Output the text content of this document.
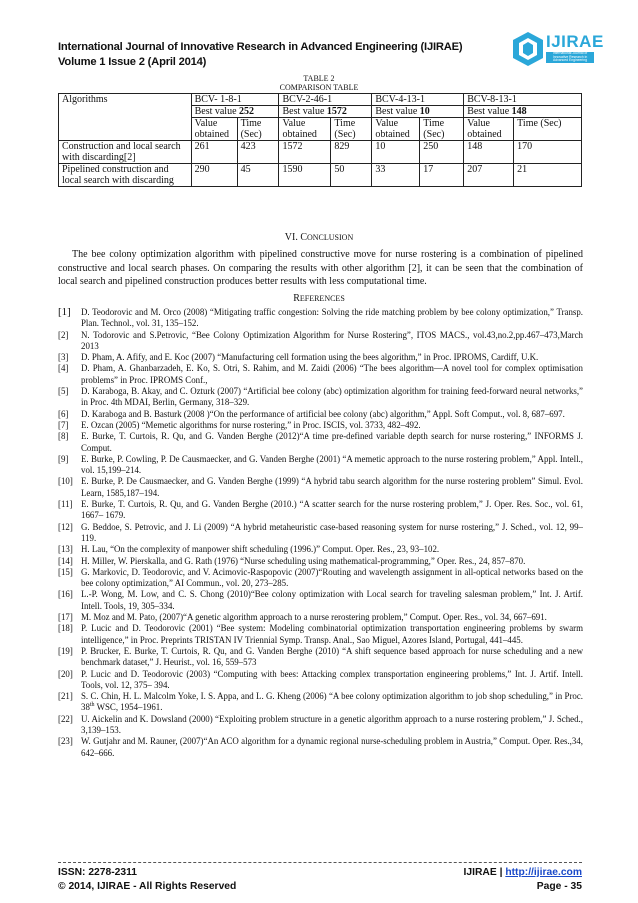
International Journal of Innovative Research in Advanced Engineering (IJIRAE)
Volume 1 Issue 2 (April 2014)
IJIRAE
International Journal of Innovative Research in Advanced Engineering
TABLE 2
COMPARISON TABLE
Algorithms	BCV- 1-8-1		BCV-2-46-1		BCV-4-13-1		BCV-8-13-1	
	Best value 252		Best value 1572		Best value 10		Best value 148	
	Value obtained	Time (Sec)	Value obtained	Time (Sec)	Value obtained	Time (Sec)	Value obtained	Time (Sec)
Construction and local search with discarding[2]	261	423	1572	829	10	250	148	170
Pipelined construction and local search with discarding	290	45	1590	50	33	17	207	21
VI. CONCLUSION
The bee colony optimization algorithm with pipelined constructive move for nurse rostering is a combination of pipelined constructive and local search phases. On comparing the results with other algorithm [2], it can be seen that the combination of local search and pipelined construction produces better results with less computational time.
REFERENCES
[1]	D. Teodorovic and M. Orco (2008) “Mitigating traffic congestion: Solving the ride matching problem by bee colony optimization,” Transp. Plan. Technol., vol. 31, 135–152.
[2]	N. Todorovic and S.Petrovic, “Bee Colony Optimization Algorithm for Nurse Rostering”, ITOS MACS., vol.43,no.2,pp.467–473,March 2013
[3]	D. Pham, A. Afify, and E. Koc (2007) “Manufacturing cell formation using the bees algorithm,” in Proc. IPROMS, Cardiff, U.K.
[4]	D. Pham, A. Ghanbarzadeh, E. Ko, S. Otri, S. Rahim, and M. Zaidi (2006) “The bees algorithm—A novel tool for complex optimisation problems” in Proc. IPROMS Conf.,
[5]	D. Karaboga, B. Akay, and C. Ozturk (2007) “Artificial bee colony (abc) optimization algorithm for training feed-forward neural networks,” in Proc. 4th MDAI, Berlin, Germany, 318–329.
[6]	D. Karaboga and B. Basturk (2008 )“On the performance of artificial bee colony (abc) algorithm,” Appl. Soft Comput., vol. 8, 687–697.
[7]	E. Ozcan (2005) “Memetic algorithms for nurse rostering,” in Proc. ISCIS, vol. 3733, 482–492.
[8]	E. Burke, T. Curtois, R. Qu, and G. Vanden Berghe (2012)“A time pre-defined variable depth search for nurse rostering,” INFORMS J. Comput.
[9]	E. Burke, P. Cowling, P. De Causmaecker, and G. Vanden Berghe (2001) “A memetic approach to the nurse rostering problem,” Appl. Intell., vol. 15,199–214.
[10] E. Burke, P. De Causmaecker, and G. Vanden Berghe (1999) “A hybrid tabu search algorithm for the nurse rostering problem” Simul. Evol. Learn, 1585,187–194.
[11] E. Burke, T. Curtois, R. Qu, and G. Vanden Berghe (2010.) “A scatter search for the nurse rostering problem,” J. Oper. Res. Soc., vol. 61, 1667– 1679.
[12] G. Beddoe, S. Petrovic, and J. Li (2009) “A hybrid metaheuristic case-based reasoning system for nurse rostering,” J. Sched., vol. 12, 99– 119.
[13] H. Lau, “On the complexity of manpower shift scheduling (1996.)” Comput. Oper. Res., 23, 93–102.
[14] H. Miller, W. Pierskalla, and G. Rath (1976) “Nurse scheduling using mathematical-programming,” Oper. Res., 24, 857–870.
[15] G. Markovic, D. Teodorovic, and V. Acimovic-Raspopovic (2007)“Routing and wavelength assignment in all-optical networks based on the bee colony optimization,” AI Commun., vol. 20, 273–285.
[16] L.-P. Wong, M. Low, and C. S. Chong (2010)“Bee colony optimization with Local search for traveling salesman problem,” Int. J. Artif. Intell. Tools, 19, 305–334.
[17] M. Moz and M. Pato, (2007)“A genetic algorithm approach to a nurse rerostering problem,” Comput. Oper. Res., vol. 34, 667–691.
[18] P. Lucic and D. Teodorovic (2001) “Bee system: Modeling combinatorial optimization transportation engineering problems by swarm intelligence,” in Proc. Preprints TRISTAN IV Triennial Symp. Transp. Anal., Sao Miguel, Azores Island, Portugal, 441–445.
[19] P. Brucker, E. Burke, T. Curtois, R. Qu, and G. Vanden Berghe (2010) “A shift sequence based approach for nurse scheduling and a new benchmark dataset,” J. Heurist., vol. 16, 559–573
[20] P. Lucic and D. Teodorovic (2003) “Computing with bees: Attacking complex transportation engineering problems,” Int. J. Artif. Intell. Tools, vol. 12, 375– 394.
[21] S. C. Chin, H. L. Malcolm Yoke, I. S. Appa, and L. G. Kheng (2006) “A bee colony optimization algorithm to job shop scheduling,” in Proc. 38th WSC, 1954–1961.
[22] U. Aickelin and K. Dowsland (2000) “Exploiting problem structure in a genetic algorithm approach to a nurse rostering problem,” J. Sched., 3,139–153.
[23] W. Gutjahr and M. Rauner, (2007)“An ACO algorithm for a dynamic regional nurse-scheduling problem in Austria,” Comput. Oper. Res.,34, 642–666.
ISSN: 2278-2311
© 2014, IJIRAE - All Rights Reserved
IJIRAE | http://ijirae.com
Page - 35
